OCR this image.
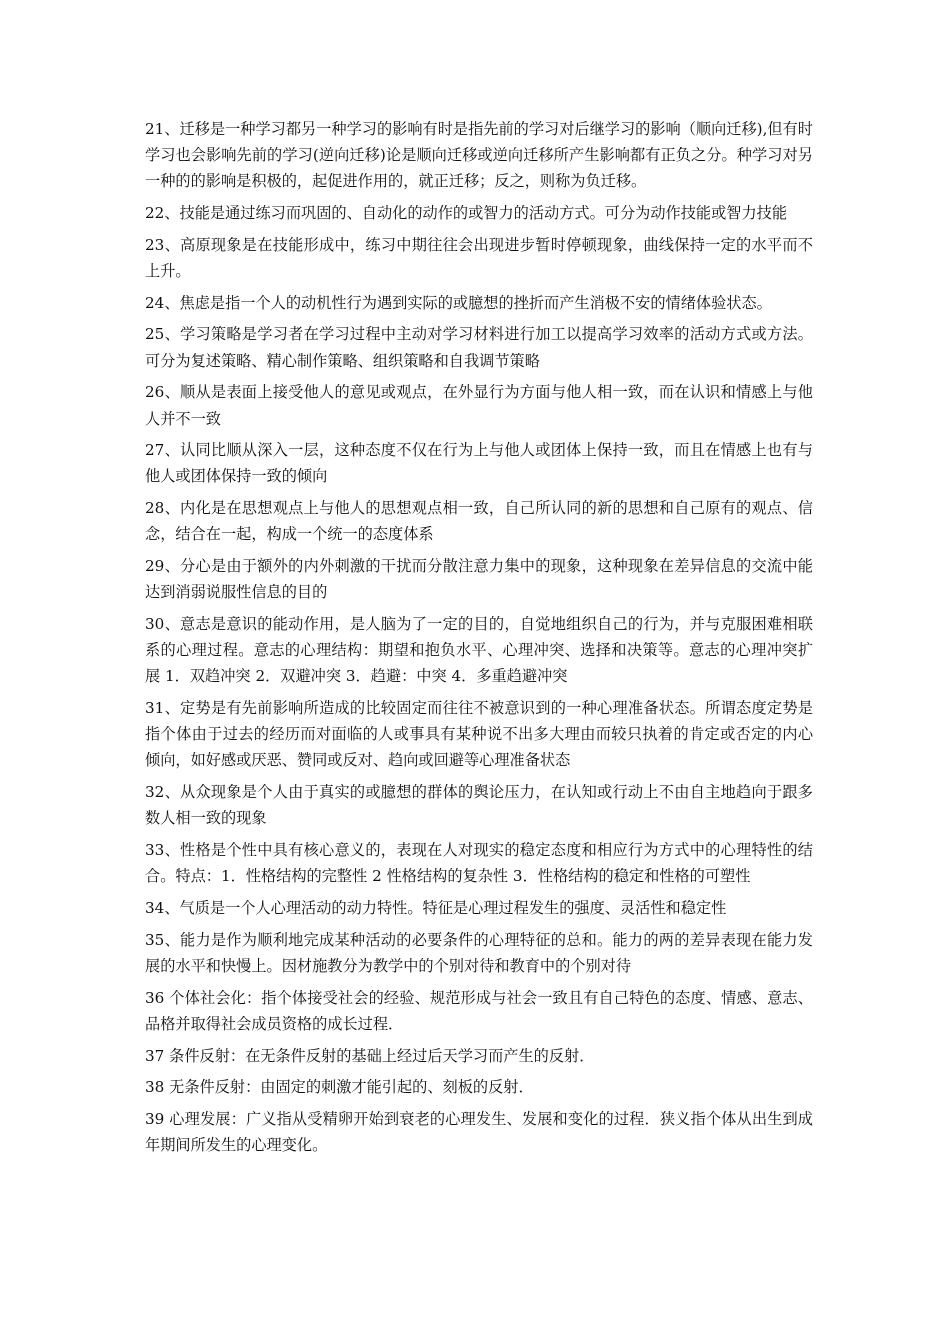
21、迁移是一种学习都另一种学习的影响有时是指先前的学习对后继学习的影响（顺向迁移),但有时学习也会影响先前的学习(逆向迁移)论是顺向迁移或逆向迁移所产生影响都有正负之分。种学习对另一种的的影响是积极的，起促进作用的，就正迁移；反之，则称为负迁移。

22、技能是通过练习而巩固的、自动化的动作的或智力的活动方式。可分为动作技能或智力技能

23、高原现象是在技能形成中，练习中期往往会出现进步暂时停顿现象，曲线保持一定的水平而不上升。

24、焦虑是指一个人的动机性行为遇到实际的或臆想的挫折而产生消极不安的情绪体验状态。

25、学习策略是学习者在学习过程中主动对学习材料进行加工以提高学习效率的活动方式或方法。可分为复述策略、精心制作策略、组织策略和自我调节策略

26、顺从是表面上接受他人的意见或观点，在外显行为方面与他人相一致，而在认识和情感上与他人并不一致

27、认同比顺从深入一层，这种态度不仅在行为上与他人或团体上保持一致，而且在情感上也有与他人或团体保持一致的倾向

28、内化是在思想观点上与他人的思想观点相一致，自己所认同的新的思想和自己原有的观点、信念，结合在一起，构成一个统一的态度体系

29、分心是由于额外的内外刺激的干扰而分散注意力集中的现象，这种现象在差异信息的交流中能达到消弱说服性信息的目的

30、意志是意识的能动作用，是人脑为了一定的目的，自觉地组织自己的行为，并与克服困难相联系的心理过程。意志的心理结构：期望和抱负水平、心理冲突、选择和决策等。意志的心理冲突扩展 1．双趋冲突 2．双避冲突 3．趋避：中突 4．多重趋避冲突

31、定势是有先前影响所造成的比较固定而往往不被意识到的一种心理准备状态。所谓态度定势是指个体由于过去的经历而对面临的人或事具有某种说不出多大理由而较只执着的肯定或否定的内心倾向，如好感或厌恶、赞同或反对、趋向或回避等心理准备状态

32、从众现象是个人由于真实的或臆想的群体的舆论压力，在认知或行动上不由自主地趋向于跟多数人相一致的现象

33、性格是个性中具有核心意义的，表现在人对现实的稳定态度和相应行为方式中的心理特性的结合。特点：1．性格结构的完整性 2 性格结构的复杂性 3．性格结构的稳定和性格的可塑性

34、气质是一个人心理活动的动力特性。特征是心理过程发生的强度、灵活性和稳定性

35、能力是作为顺利地完成某种活动的必要条件的心理特征的总和。能力的两的差异表现在能力发展的水平和快慢上。因材施教分为教学中的个别对待和教育中的个别对待

36 个体社会化：指个体接受社会的经验、规范形成与社会一致且有自己特色的态度、情感、意志、品格并取得社会成员资格的成长过程．

37 条件反射：在无条件反射的基础上经过后天学习而产生的反射．

38 无条件反射：由固定的刺激才能引起的、刻板的反射．

39 心理发展：广义指从受精卵开始到衰老的心理发生、发展和变化的过程．狭义指个体从出生到成年期间所发生的心理变化。
